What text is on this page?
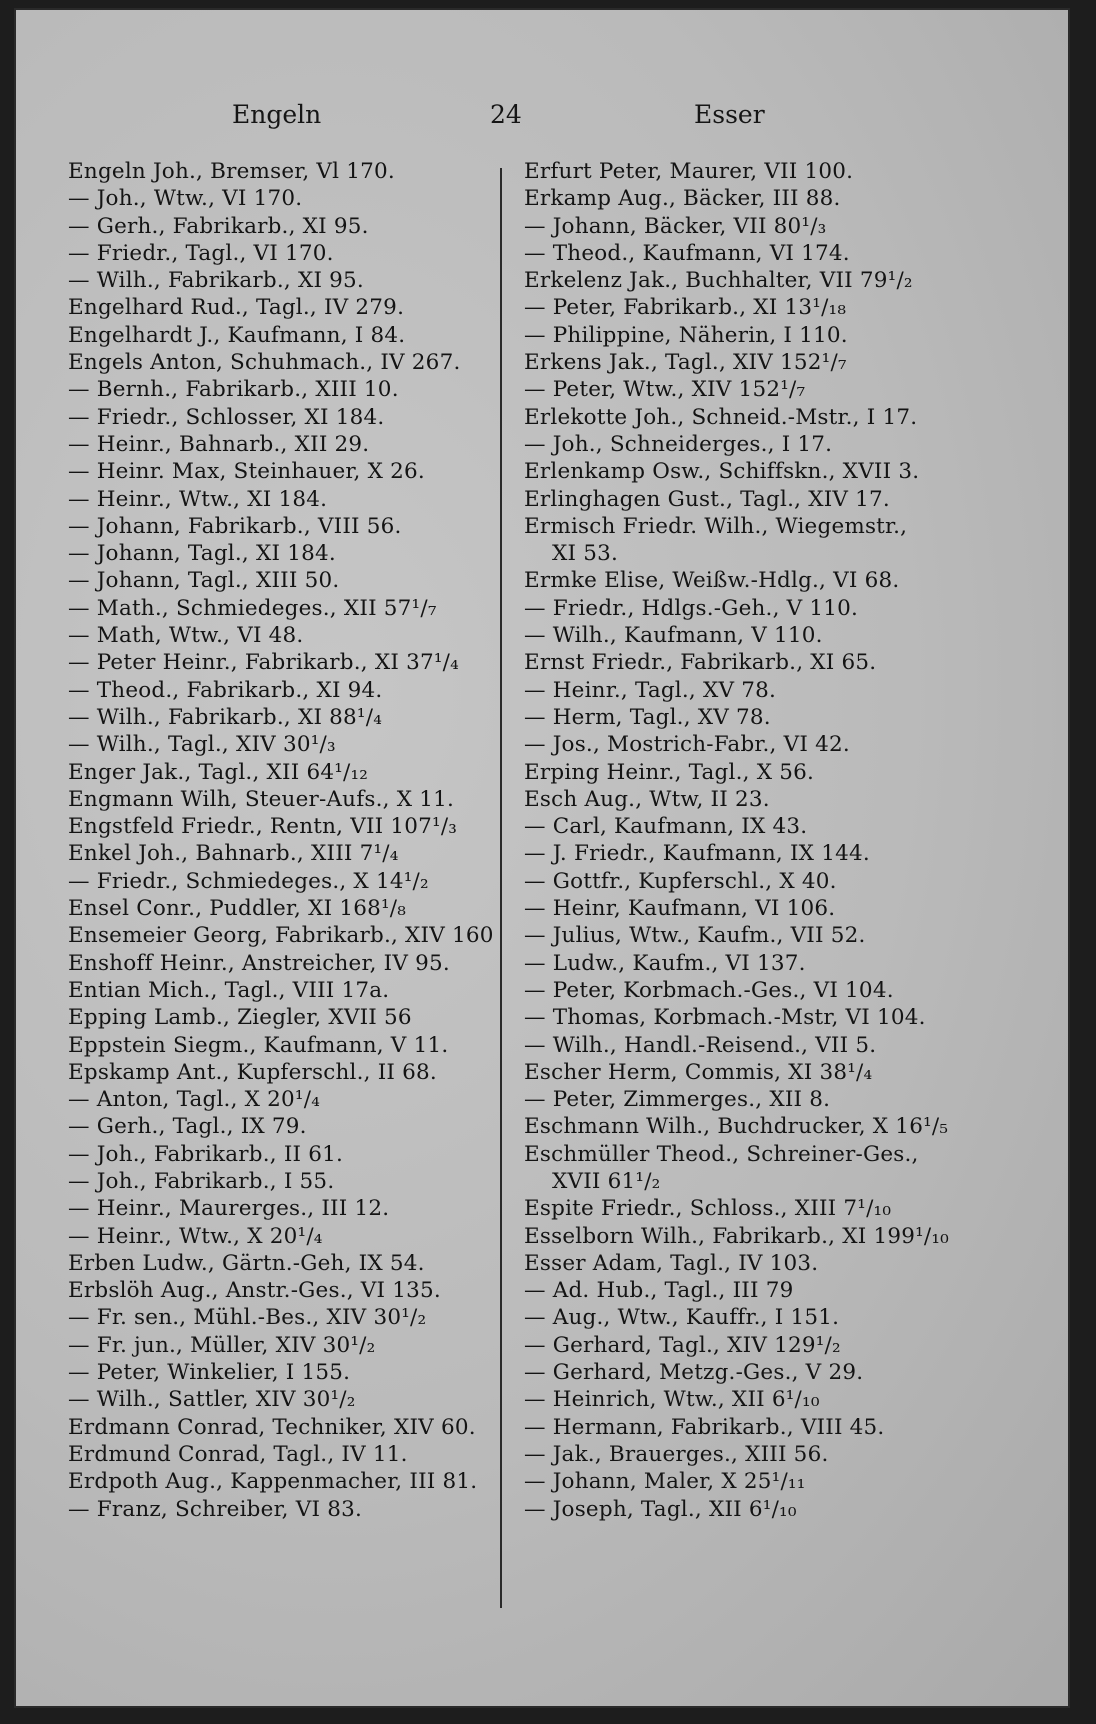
Engeln	24	Esser
Engeln Joh., Bremser, Vl 170.
— Joh., Wtw., VI 170.
— Gerh., Fabrikarb., XI 95.
— Friedr., Tagl., VI 170.
— Wilh., Fabrikarb., XI 95.
Engelhard Rud., Tagl., IV 279.
Engelhardt J., Kaufmann, I 84.
Engels Anton, Schuhmach., IV 267.
— Bernh., Fabrikarb., XIII 10.
— Friedr., Schlosser, XI 184.
— Heinr., Bahnarb., XII 29.
— Heinr. Max, Steinhauer, X 26.
— Heinr., Wtw., XI 184.
— Johann, Fabrikarb., VIII 56.
— Johann, Tagl., XI 184.
— Johann, Tagl., XIII 50.
— Math., Schmiedeges., XII 57¹/₇
— Math, Wtw., VI 48.
— Peter Heinr., Fabrikarb., XI 37¹/₄
— Theod., Fabrikarb., XI 94.
— Wilh., Fabrikarb., XI 88¹/₄
— Wilh., Tagl., XIV 30¹/₃
Enger Jak., Tagl., XII 64¹/₁₂
Engmann Wilh, Steuer-Aufs., X 11.
Engstfeld Friedr., Rentn, VII 107¹/₃
Enkel Joh., Bahnarb., XIII 7¹/₄
— Friedr., Schmiedeges., X 14¹/₂
Ensel Conr., Puddler, XI 168¹/₈
Ensemeier Georg, Fabrikarb., XIV 160
Enshoff Heinr., Anstreicher, IV 95.
Entian Mich., Tagl., VIII 17a.
Epping Lamb., Ziegler, XVII 56
Eppstein Siegm., Kaufmann, V 11.
Epskamp Ant., Kupferschl., II 68.
— Anton, Tagl., X 20¹/₄
— Gerh., Tagl., IX 79.
— Joh., Fabrikarb., II 61.
— Joh., Fabrikarb., I 55.
— Heinr., Maurerges., III 12.
— Heinr., Wtw., X 20¹/₄
Erben Ludw., Gärtn.-Geh, IX 54.
Erbslöh Aug., Anstr.-Ges., VI 135.
— Fr. sen., Mühl.-Bes., XIV 30¹/₂
— Fr. jun., Müller, XIV 30¹/₂
— Peter, Winkelier, I 155.
— Wilh., Sattler, XIV 30¹/₂
Erdmann Conrad, Techniker, XIV 60.
Erdmund Conrad, Tagl., IV 11.
Erdpoth Aug., Kappenmacher, III 81.
— Franz, Schreiber, VI 83.
Erfurt Peter, Maurer, VII 100.
Erkamp Aug., Bäcker, III 88.
— Johann, Bäcker, VII 80¹/₃
— Theod., Kaufmann, VI 174.
Erkelenz Jak., Buchhalter, VII 79¹/₂
— Peter, Fabrikarb., XI 13¹/₁₈
— Philippine, Näherin, I 110.
Erkens Jak., Tagl., XIV 152¹/₇
— Peter, Wtw., XIV 152¹/₇
Erlekotte Joh., Schneid.-Mstr., I 17.
— Joh., Schneiderges., I 17.
Erlenkamp Osw., Schiffskn., XVII 3.
Erlinghagen Gust., Tagl., XIV 17.
Ermisch Friedr. Wilh., Wiegemstr.,
XI 53.
Ermke Elise, Weißw.-Hdlg., VI 68.
— Friedr., Hdlgs.-Geh., V 110.
— Wilh., Kaufmann, V 110.
Ernst Friedr., Fabrikarb., XI 65.
— Heinr., Tagl., XV 78.
— Herm, Tagl., XV 78.
— Jos., Mostrich-Fabr., VI 42.
Erping Heinr., Tagl., X 56.
Esch Aug., Wtw, II 23.
— Carl, Kaufmann, IX 43.
— J. Friedr., Kaufmann, IX 144.
— Gottfr., Kupferschl., X 40.
— Heinr, Kaufmann, VI 106.
— Julius, Wtw., Kaufm., VII 52.
— Ludw., Kaufm., VI 137.
— Peter, Korbmach.-Ges., VI 104.
— Thomas, Korbmach.-Mstr, VI 104.
— Wilh., Handl.-Reisend., VII 5.
Escher Herm, Commis, XI 38¹/₄
— Peter, Zimmerges., XII 8.
Eschmann Wilh., Buchdrucker, X 16¹/₅
Eschmüller Theod., Schreiner-Ges.,
XVII 61¹/₂
Espite Friedr., Schloss., XIII 7¹/₁₀
Esselborn Wilh., Fabrikarb., XI 199¹/₁₀
Esser Adam, Tagl., IV 103.
— Ad. Hub., Tagl., III 79
— Aug., Wtw., Kauffr., I 151.
— Gerhard, Tagl., XIV 129¹/₂
— Gerhard, Metzg.-Ges., V 29.
— Heinrich, Wtw., XII 6¹/₁₀
— Hermann, Fabrikarb., VIII 45.
— Jak., Brauerges., XIII 56.
— Johann, Maler, X 25¹/₁₁
— Joseph, Tagl., XII 6¹/₁₀
